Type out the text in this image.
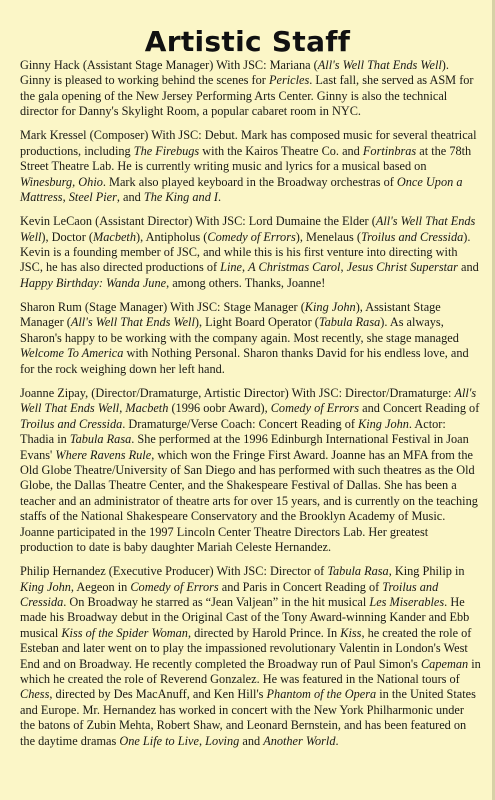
Artistic Staff

Ginny Hack (Assistant Stage Manager) With JSC: Mariana (All's Well That Ends Well). Ginny is pleased to working behind the scenes for Pericles. Last fall, she served as ASM for the gala opening of the New Jersey Performing Arts Center. Ginny is also the technical director for Danny's Skylight Room, a popular cabaret room in NYC.

Mark Kressel (Composer) With JSC: Debut. Mark has composed music for several theatrical productions, including The Firebugs with the Kairos Theatre Co. and Fortinbras at the 78th Street Theatre Lab. He is currently writing music and lyrics for a musical based on Winesburg, Ohio. Mark also played keyboard in the Broadway orchestras of Once Upon a Mattress, Steel Pier, and The King and I.

Kevin LeCaon (Assistant Director) With JSC: Lord Dumaine the Elder (All's Well That Ends Well), Doctor (Macbeth), Antipholus (Comedy of Errors), Menelaus (Troilus and Cressida). Kevin is a founding member of JSC, and while this is his first venture into directing with JSC, he has also directed productions of Line, A Christmas Carol, Jesus Christ Superstar and Happy Birthday: Wanda June, among others. Thanks, Joanne!

Sharon Rum (Stage Manager) With JSC: Stage Manager (King John), Assistant Stage Manager (All's Well That Ends Well), Light Board Operator (Tabula Rasa). As always, Sharon's happy to be working with the company again. Most recently, she stage managed Welcome To America with Nothing Personal. Sharon thanks David for his endless love, and for the rock weighing down her left hand.

Joanne Zipay, (Director/Dramaturge, Artistic Director) With JSC: Director/Dramaturge: All's Well That Ends Well, Macbeth (1996 oobr Award), Comedy of Errors and Concert Reading of Troilus and Cressida. Dramaturge/Verse Coach: Concert Reading of King John. Actor: Thadia in Tabula Rasa. She performed at the 1996 Edinburgh International Festival in Joan Evans' Where Ravens Rule, which won the Fringe First Award. Joanne has an MFA from the Old Globe Theatre/University of San Diego and has performed with such theatres as the Old Globe, the Dallas Theatre Center, and the Shakespeare Festival of Dallas. She has been a teacher and an administrator of theatre arts for over 15 years, and is currently on the teaching staffs of the National Shakespeare Conservatory and the Brooklyn Academy of Music. Joanne participated in the 1997 Lincoln Center Theatre Directors Lab. Her greatest production to date is baby daughter Mariah Celeste Hernandez.

Philip Hernandez (Executive Producer) With JSC: Director of Tabula Rasa, King Philip in King John, Aegeon in Comedy of Errors and Paris in Concert Reading of Troilus and Cressida. On Broadway he starred as “Jean Valjean” in the hit musical Les Miserables. He made his Broadway debut in the Original Cast of the Tony Award-winning Kander and Ebb musical Kiss of the Spider Woman, directed by Harold Prince. In Kiss, he created the role of Esteban and later went on to play the impassioned revolutionary Valentin in London's West End and on Broadway. He recently completed the Broadway run of Paul Simon's Capeman in which he created the role of Reverend Gonzalez. He was featured in the National tours of Chess, directed by Des MacAnuff, and Ken Hill's Phantom of the Opera in the United States and Europe. Mr. Hernandez has worked in concert with the New York Philharmonic under the batons of Zubin Mehta, Robert Shaw, and Leonard Bernstein, and has been featured on the daytime dramas One Life to Live, Loving and Another World.
